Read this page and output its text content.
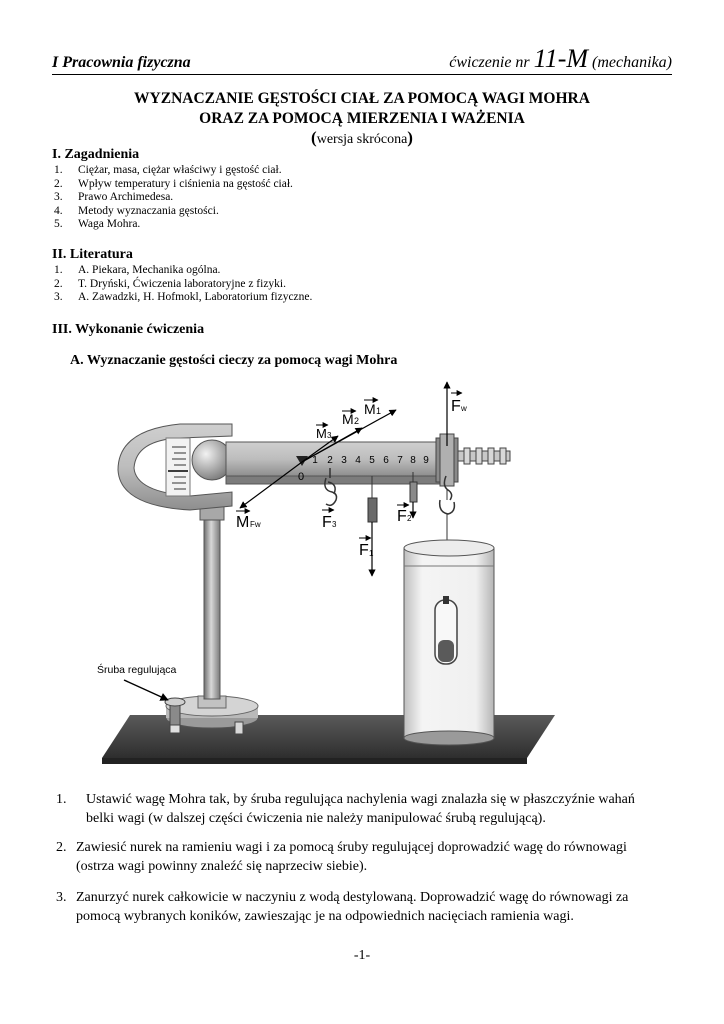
I Pracownia fizyczna	ćwiczenie nr 11-M (mechanika)
WYZNACZANIE GĘSTOŚCI CIAŁ ZA POMOCĄ WAGI MOHRA
ORAZ ZA POMOCĄ MIERZENIA I WAŻENIA
(wersja skrócona)
I. Zagadnienia
1. Ciężar, masa, ciężar właściwy i gęstość ciał.
2. Wpływ temperatury i ciśnienia na gęstość ciał.
3. Prawo Archimedesa.
4. Metody wyznaczania gęstości.
5. Waga Mohra.
II. Literatura
1. A. Piekara, Mechanika ogólna.
2. T. Dryński, Ćwiczenia laboratoryjne z fizyki.
3. A. Zawadzki, H. Hofmokl, Laboratorium fizyczne.
III. Wykonanie ćwiczenia
A. Wyznaczanie gęstości cieczy za pomocą wagi Mohra
1 2 3 4 5 6 7 8 9
0
F w
M 1
M 2
M 3
M Fw	F 3	F 2
F 1
Śruba regulująca
1.	Ustawić wagę Mohra tak, by śruba regulująca nachylenia wagi znalazła się w płaszczyźnie wahań
belki wagi (w dalszej części ćwiczenia nie należy manipulować śrubą regulującą).
2. Zawiesić nurek na ramieniu wagi i za pomocą śruby regulującej doprowadzić wagę do równowagi
(ostrza wagi powinny znaleźć się naprzeciw siebie).
3. Zanurzyć nurek całkowicie w naczyniu z wodą destylowaną. Doprowadzić wagę do równowagi za
pomocą wybranych koników, zawieszając je na odpowiednich nacięciach ramienia wagi.
-1-
